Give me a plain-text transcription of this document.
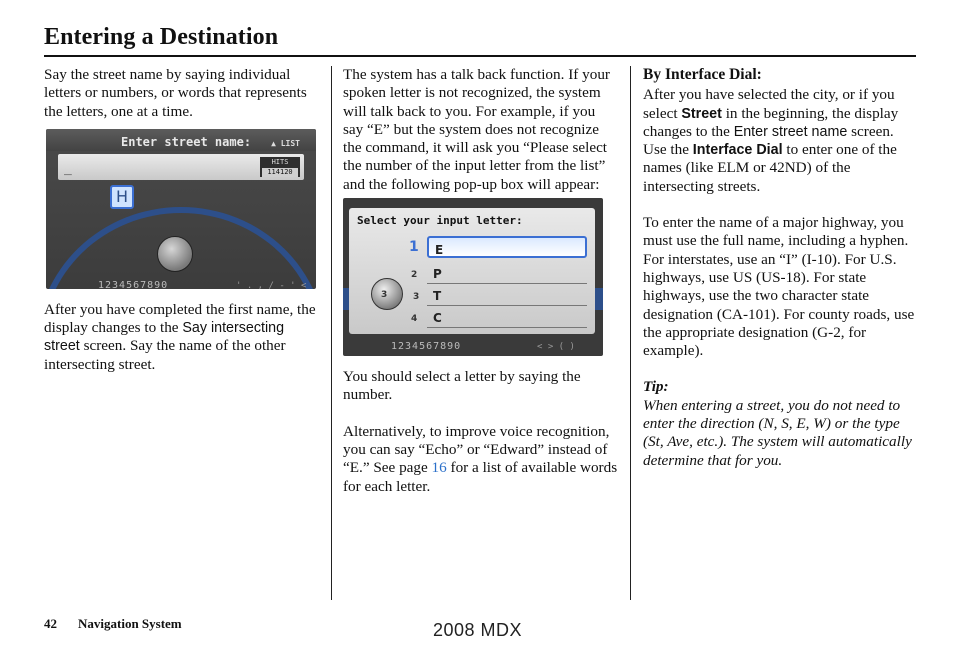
Entering a Destination

Say the street name by saying individual letters or numbers, or words that represents the letters, one at a time.

Enter street name:	▲ LIST
_	HITS
114120
H
1234567890	' . , / - ' <

After you have completed the first name, the display changes to the Say intersecting street screen. Say the name of the other intersecting street.

The system has a talk back function. If your spoken letter is not recognized, the system will talk back to you. For example, if you say “E” but the system does not recognize the command, it will ask you “Please select the number of the input letter from the list” and the following pop-up box will appear:

Select your input letter:
3
1
2
3
4
E
P
T
C
1234567890	< > ( )

You should select a letter by saying the number.

Alternatively, to improve voice recognition, you can say “Echo” or “Edward” instead of “E.” See page 16 for a list of available words for each letter.

By Interface Dial:

After you have selected the city, or if you select Street in the beginning, the display changes to the Enter street name screen. Use the Interface Dial to enter one of the names (like ELM or 42ND) of the intersecting streets.

To enter the name of a major highway, you must use the full name, including a hyphen. For interstates, use an “I” (I-10). For U.S. highways, use US (US-18). For state highways, use the two character state designation (CA-101). For county roads, use the appropriate designation (G-2, for example).

Tip:
When entering a street, you do not need to enter the direction (N, S, E, W) or the type (St, Ave, etc.). The system will automatically determine that for you.
42 Navigation System	2008 MDX
